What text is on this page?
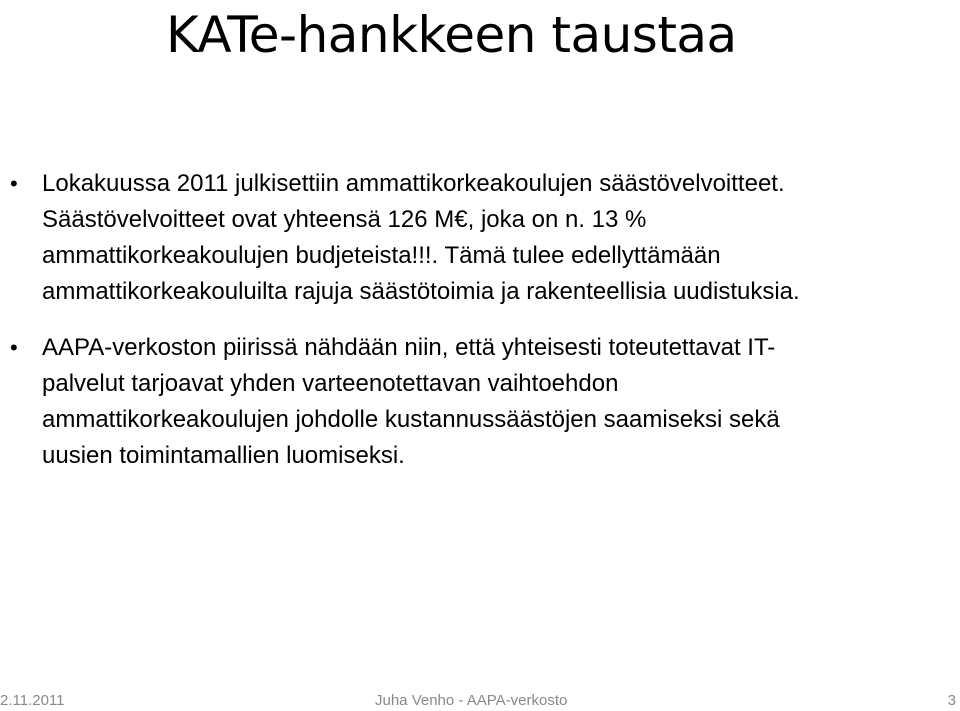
KATe-hankkeen taustaa
• Lokakuussa 2011 julkisettiin ammattikorkeakoulujen säästövelvoitteet.
Säästövelvoitteet ovat yhteensä 126 M€, joka on n. 13 %
ammattikorkeakoulujen budjeteista!!!. Tämä tulee edellyttämään
ammattikorkeakouluilta rajuja säästötoimia ja rakenteellisia uudistuksia.
• AAPA-verkoston piirissä nähdään niin, että yhteisesti toteutettavat IT-
palvelut tarjoavat yhden varteenotettavan vaihtoehdon
ammattikorkeakoulujen johdolle kustannussäästöjen saamiseksi sekä
uusien toimintamallien luomiseksi.
2.11.2011	Juha Venho - AAPA-verkosto	3
